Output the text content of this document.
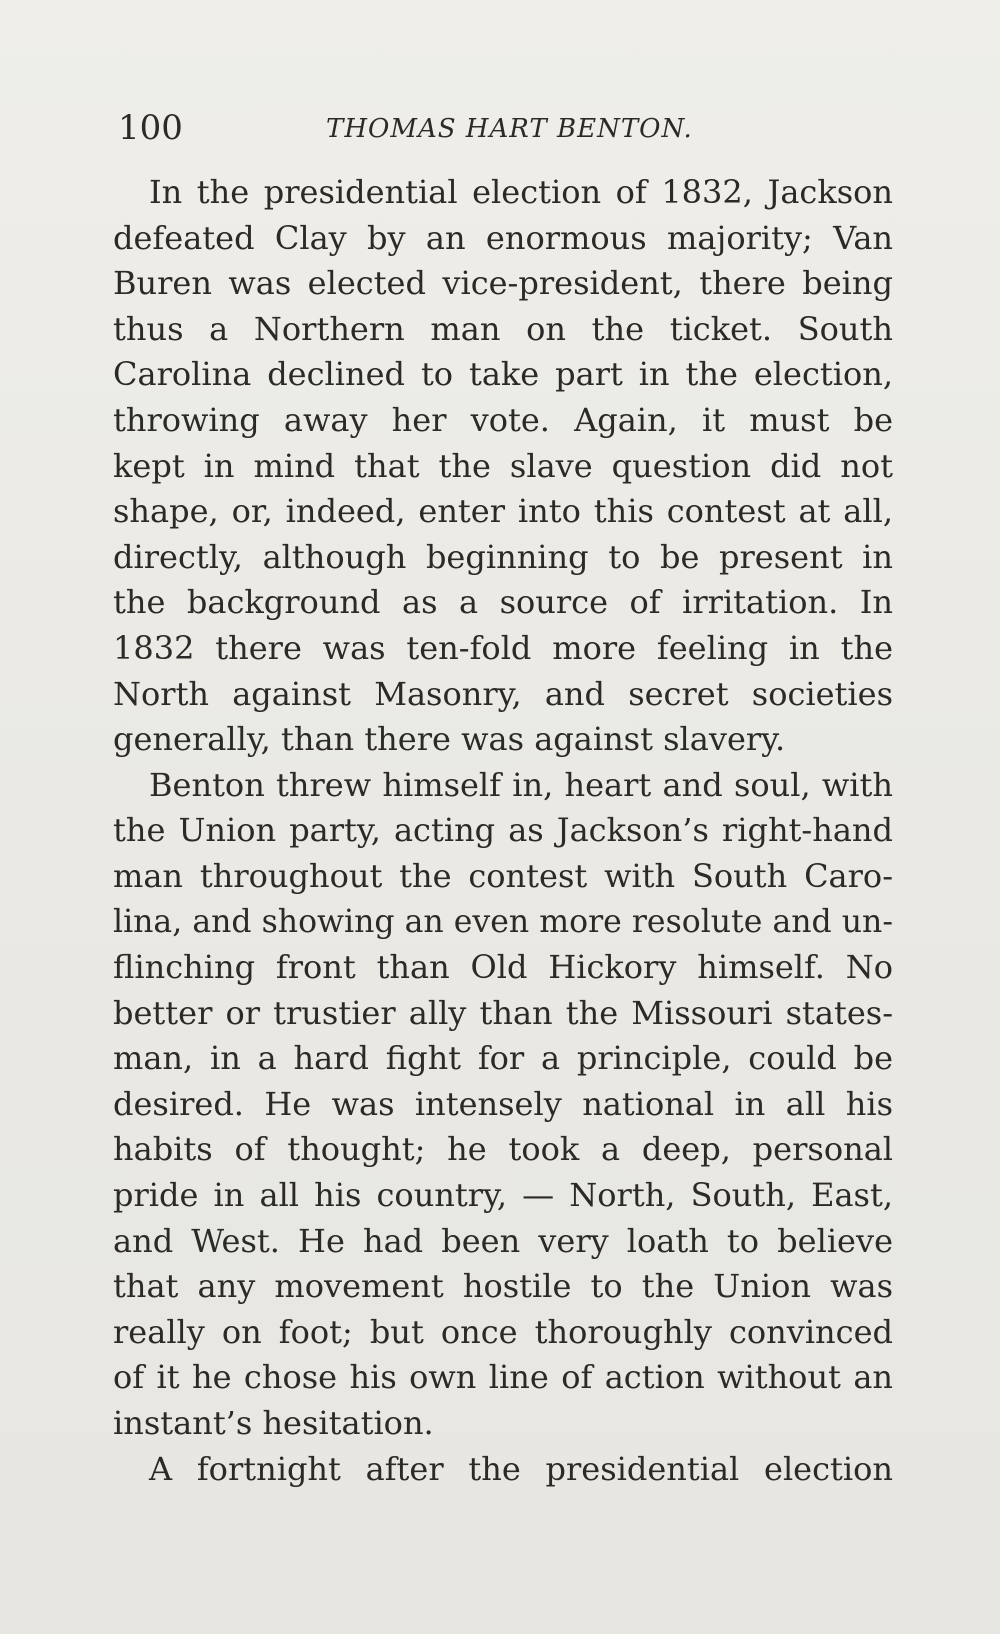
100	THOMAS HART BENTON.
In the presidential election of 1832, Jackson
defeated Clay by an enormous majority; Van
Buren was elected vice-president, there being
thus a Northern man on the ticket. South
Carolina declined to take part in the election,
throwing away her vote. Again, it must be
kept in mind that the slave question did not
shape, or, indeed, enter into this contest at all,
directly, although beginning to be present in
the background as a source of irritation. In
1832 there was ten-fold more feeling in the
North against Masonry, and secret societies
generally, than there was against slavery.
Benton threw himself in, heart and soul, with
the Union party, acting as Jackson’s right-hand
man throughout the contest with South Caro-
lina, and showing an even more resolute and un-
flinching front than Old Hickory himself. No
better or trustier ally than the Missouri states-
man, in a hard fight for a principle, could be
desired. He was intensely national in all his
habits of thought; he took a deep, personal
pride in all his country, — North, South, East,
and West. He had been very loath to believe
that any movement hostile to the Union was
really on foot; but once thoroughly convinced
of it he chose his own line of action without an
instant’s hesitation.
A fortnight after the presidential election
